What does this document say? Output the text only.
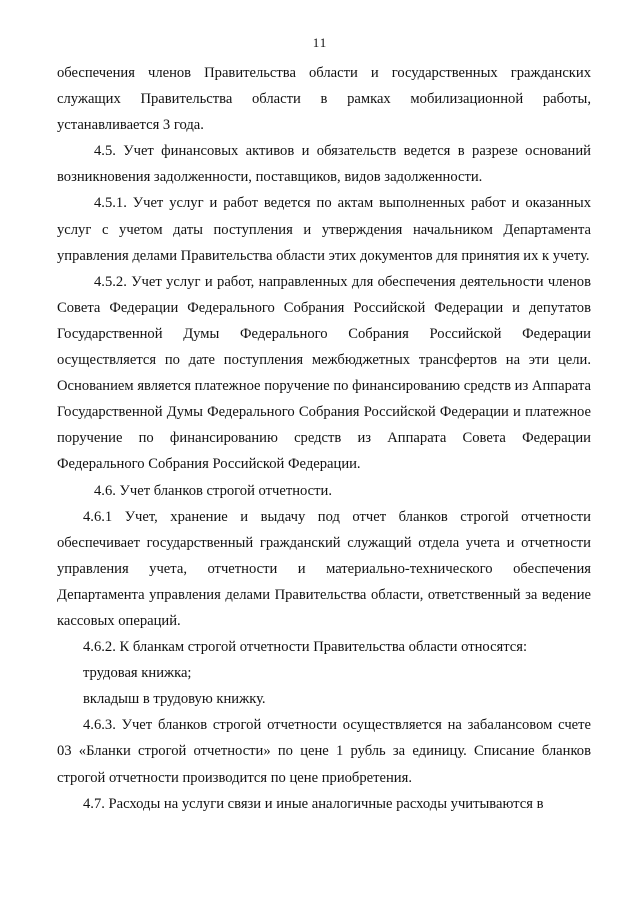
11

обеспечения членов Правительства области и государственных гражданских служащих Правительства области в рамках мобилизационной работы, устанавливается 3 года.

4.5. Учет финансовых активов и обязательств ведется в разрезе оснований возникновения задолженности, поставщиков, видов задолженности.

4.5.1. Учет услуг и работ ведется по актам выполненных работ и оказанных услуг с учетом даты поступления и утверждения начальником Департамента управления делами Правительства области этих документов для принятия их к учету.

4.5.2. Учет услуг и работ, направленных для обеспечения деятельности членов Совета Федерации Федерального Собрания Российской Федерации и депутатов Государственной Думы Федерального Собрания Российской Федерации осуществляется по дате поступления межбюджетных трансфертов на эти цели. Основанием является платежное поручение по финансированию средств из Аппарата Государственной Думы Федерального Собрания Российской Федерации и платежное поручение по финансированию средств из Аппарата Совета Федерации Федерального Собрания Российской Федерации.

4.6. Учет бланков строгой отчетности.

4.6.1 Учет, хранение и выдачу под отчет бланков строгой отчетности обеспечивает государственный гражданский служащий отдела учета и отчетности управления учета, отчетности и материально-технического обеспечения Департамента управления делами Правительства области, ответственный за ведение кассовых операций.

4.6.2. К бланкам строгой отчетности Правительства области относятся:

трудовая книжка;

вкладыш в трудовую книжку.

4.6.3. Учет бланков строгой отчетности осуществляется на забалансовом счете 03 «Бланки строгой отчетности» по цене 1 рубль за единицу. Списание бланков строгой отчетности производится по цене приобретения.

4.7. Расходы на услуги связи и иные аналогичные расходы учитываются в
